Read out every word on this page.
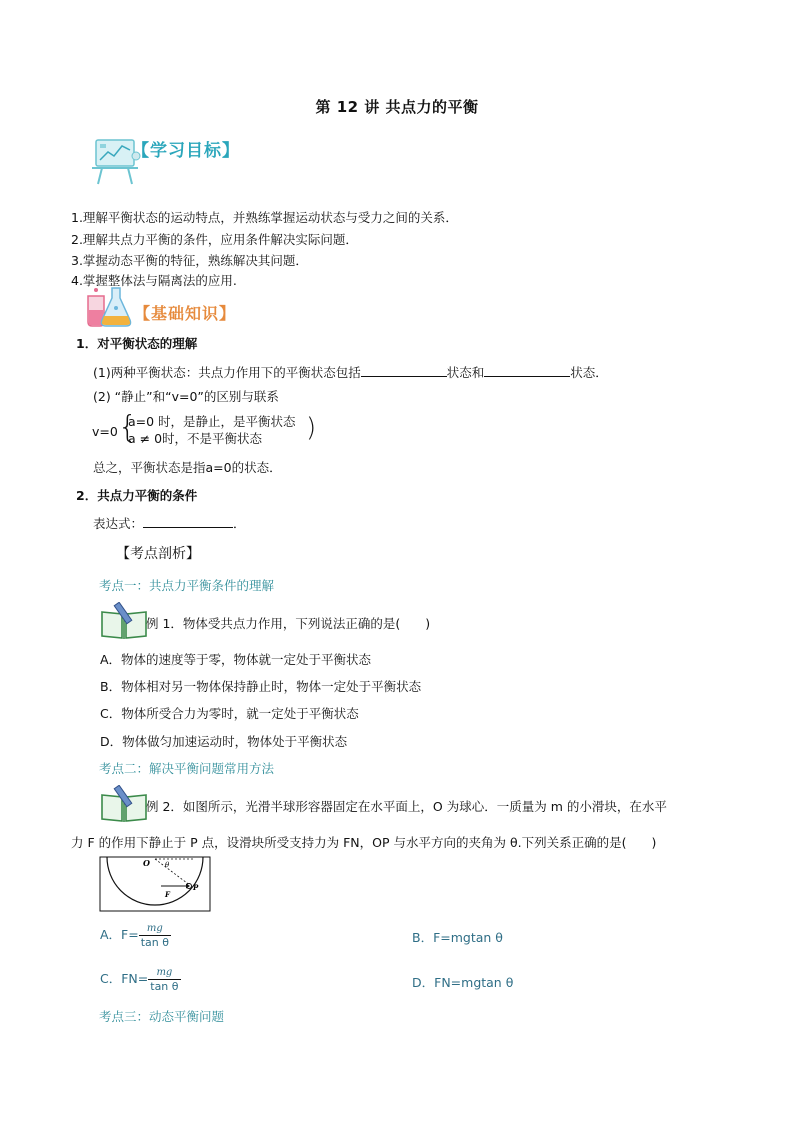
第 12 讲 共点力的平衡
【学习目标】
1.理解平衡状态的运动特点，并熟练掌握运动状态与受力之间的关系．
2.理解共点力平衡的条件，应用条件解决实际问题．
3.掌握动态平衡的特征，熟练解决其问题．
4.掌握整体法与隔离法的应用.
【基础知识】
1．对平衡状态的理解
(1)两种平衡状态：共点力作用下的平衡状态包括	状态和	状态．
(2) “静止”和“v=0”的区别与联系
v=0 {
a=0 时，是静止，是平衡状态
a ≠ 0时，不是平衡状态 )
总之，平衡状态是指a=0的状态．
2．共点力平衡的条件
表达式：	．
【考点剖析】
考点一：共点力平衡条件的理解
例 1．物体受共点力作用，下列说法正确的是(　　)
A．物体的速度等于零，物体就一定处于平衡状态
B．物体相对另一物体保持静止时，物体一定处于平衡状态
C．物体所受合力为零时，就一定处于平衡状态
D．物体做匀加速运动时，物体处于平衡状态
考点二：解决平衡问题常用方法
例 2．如图所示，光滑半球形容器固定在水平面上，O 为球心．一质量为 m 的小滑块，在水平
力 F 的作用下静止于 P 点，设滑块所受支持力为 FN，OP 与水平方向的夹角为 θ.下列关系正确的是(　　)
O θ
F
P
A．$F= \frac{mg}{\text{tan θ}}$	B．F=mgtan θ
C．$FN= \frac{mg}{\text{tan θ}}$	D．FN=mgtan θ
考点三：动态平衡问题
